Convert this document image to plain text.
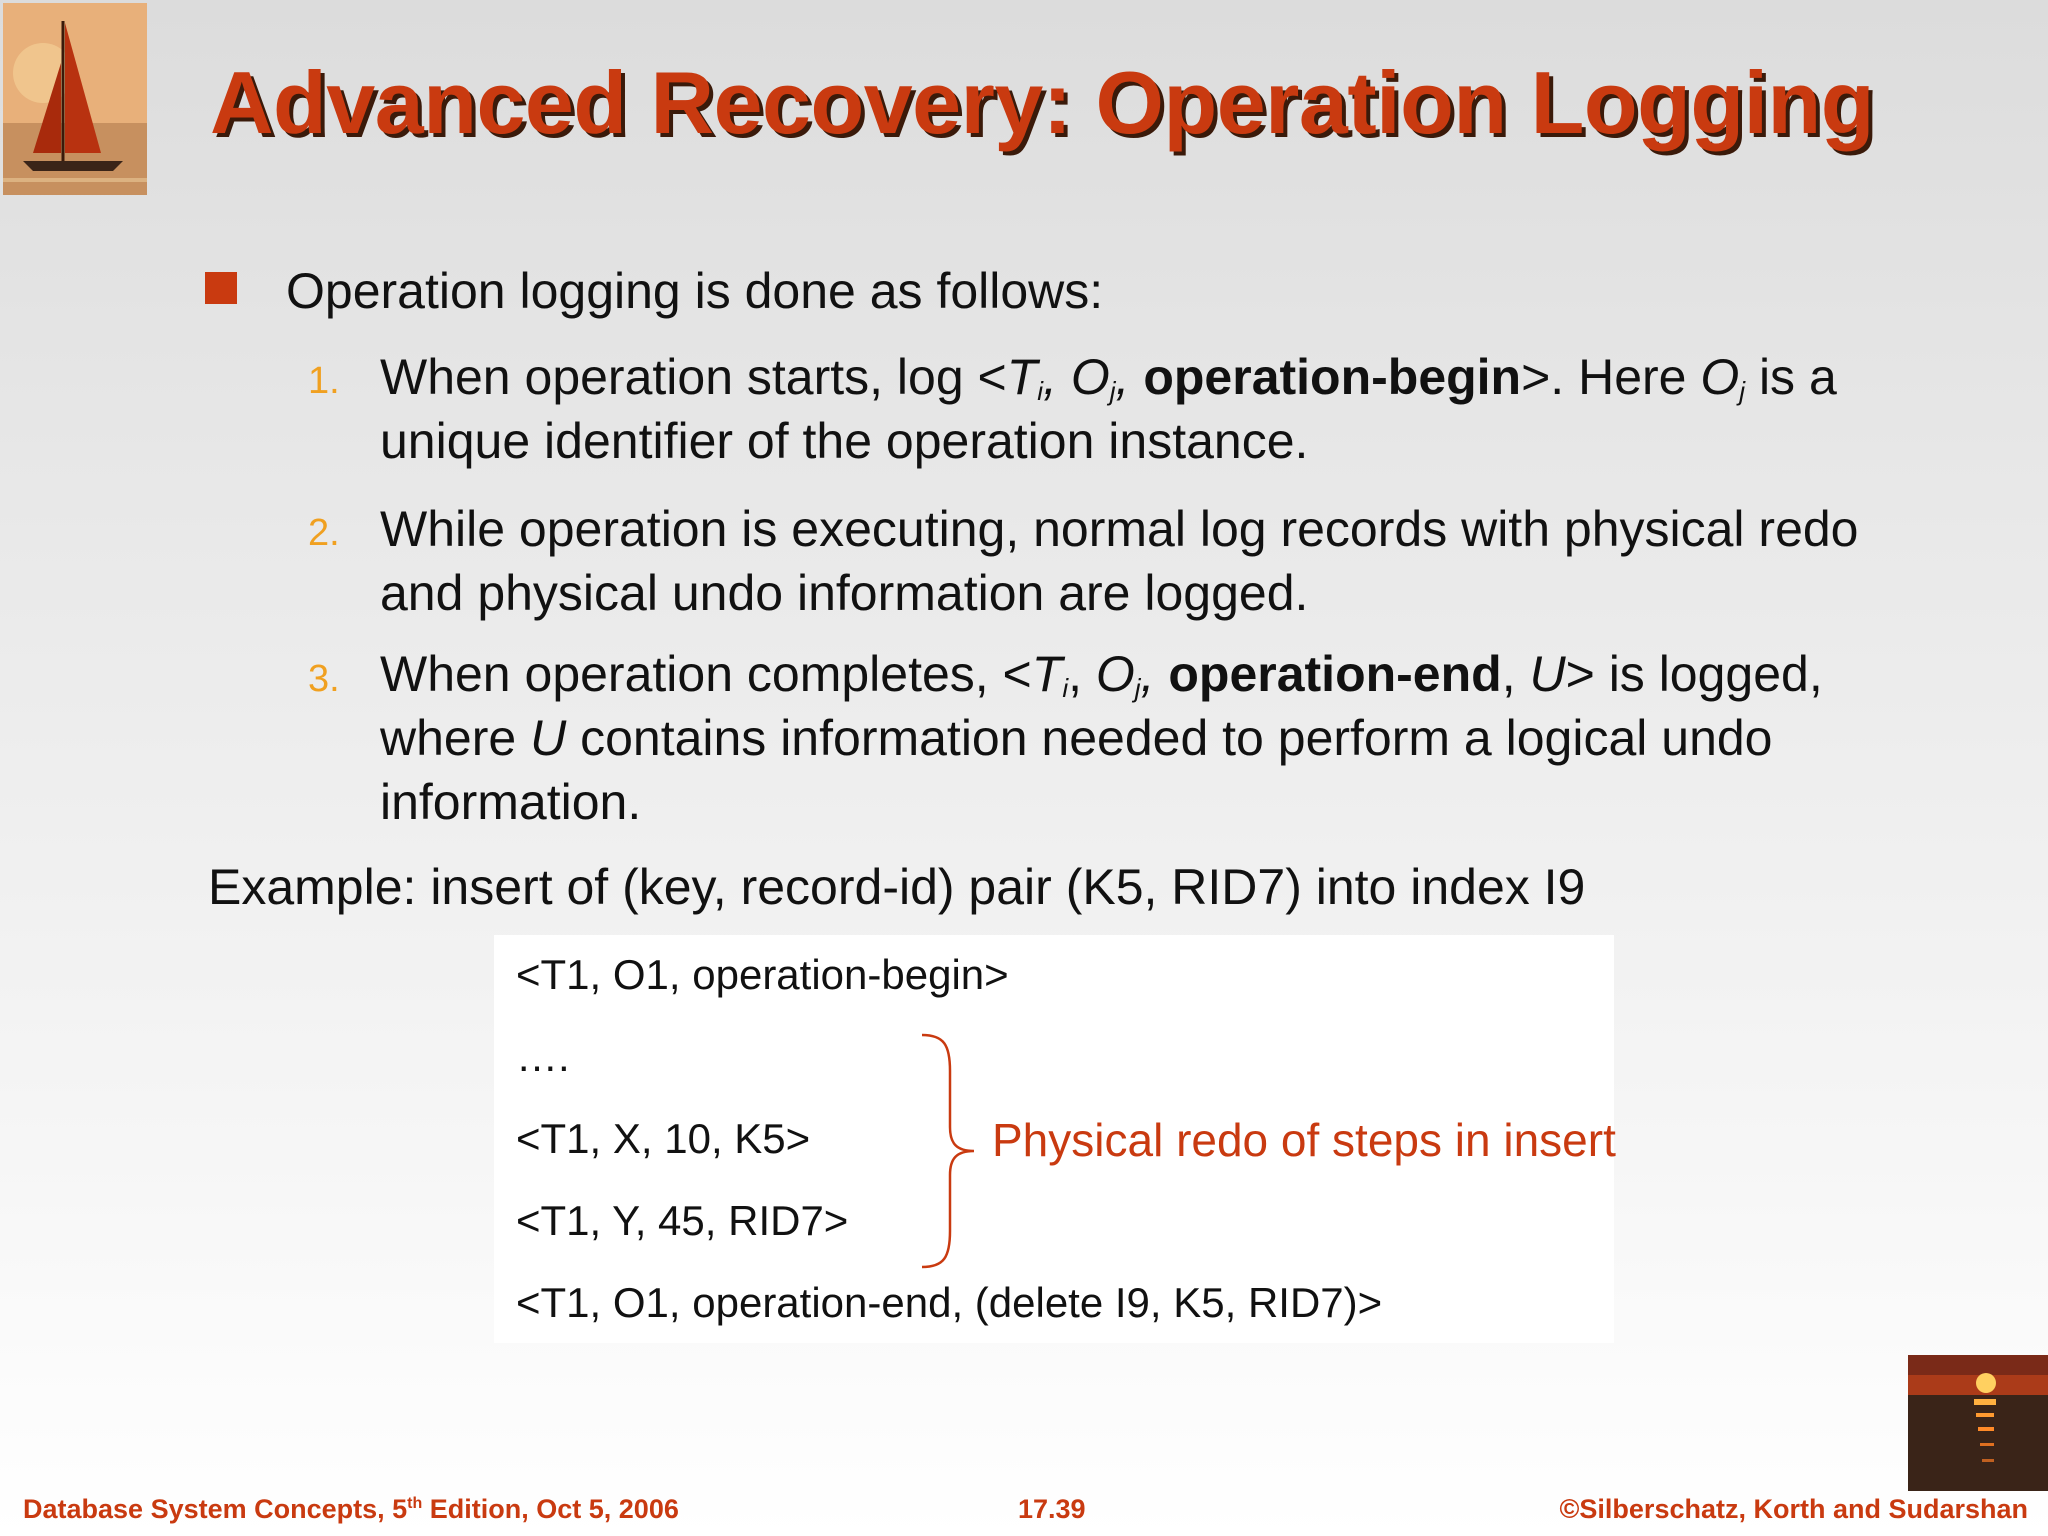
Advanced Recovery: Operation Logging
Operation logging is done as follows:
1. When operation starts, $\log <T_i$, $O_j$, operation-begin>. Here $O_j$ is a unique identifier of the operation instance.
2. While operation is executing, normal log records with physical redo and physical undo information are logged.
3. When operation completes, $<T_i$, $O_j$, operation-end, U> is logged, where U contains information needed to perform a logical undo information.
Example: insert of (key, record-id) pair (K5, RID7) into index I9
<T1, O1, operation-begin>
….
<T1, X, 10, K5>
<T1, Y, 45, RID7>
<T1, O1, operation-end, (delete I9, K5, RID7)>
Physical redo of steps in insert
Database System Concepts, 5th Edition, Oct 5, 2006	17.39	©Silberschatz, Korth and Sudarshan
